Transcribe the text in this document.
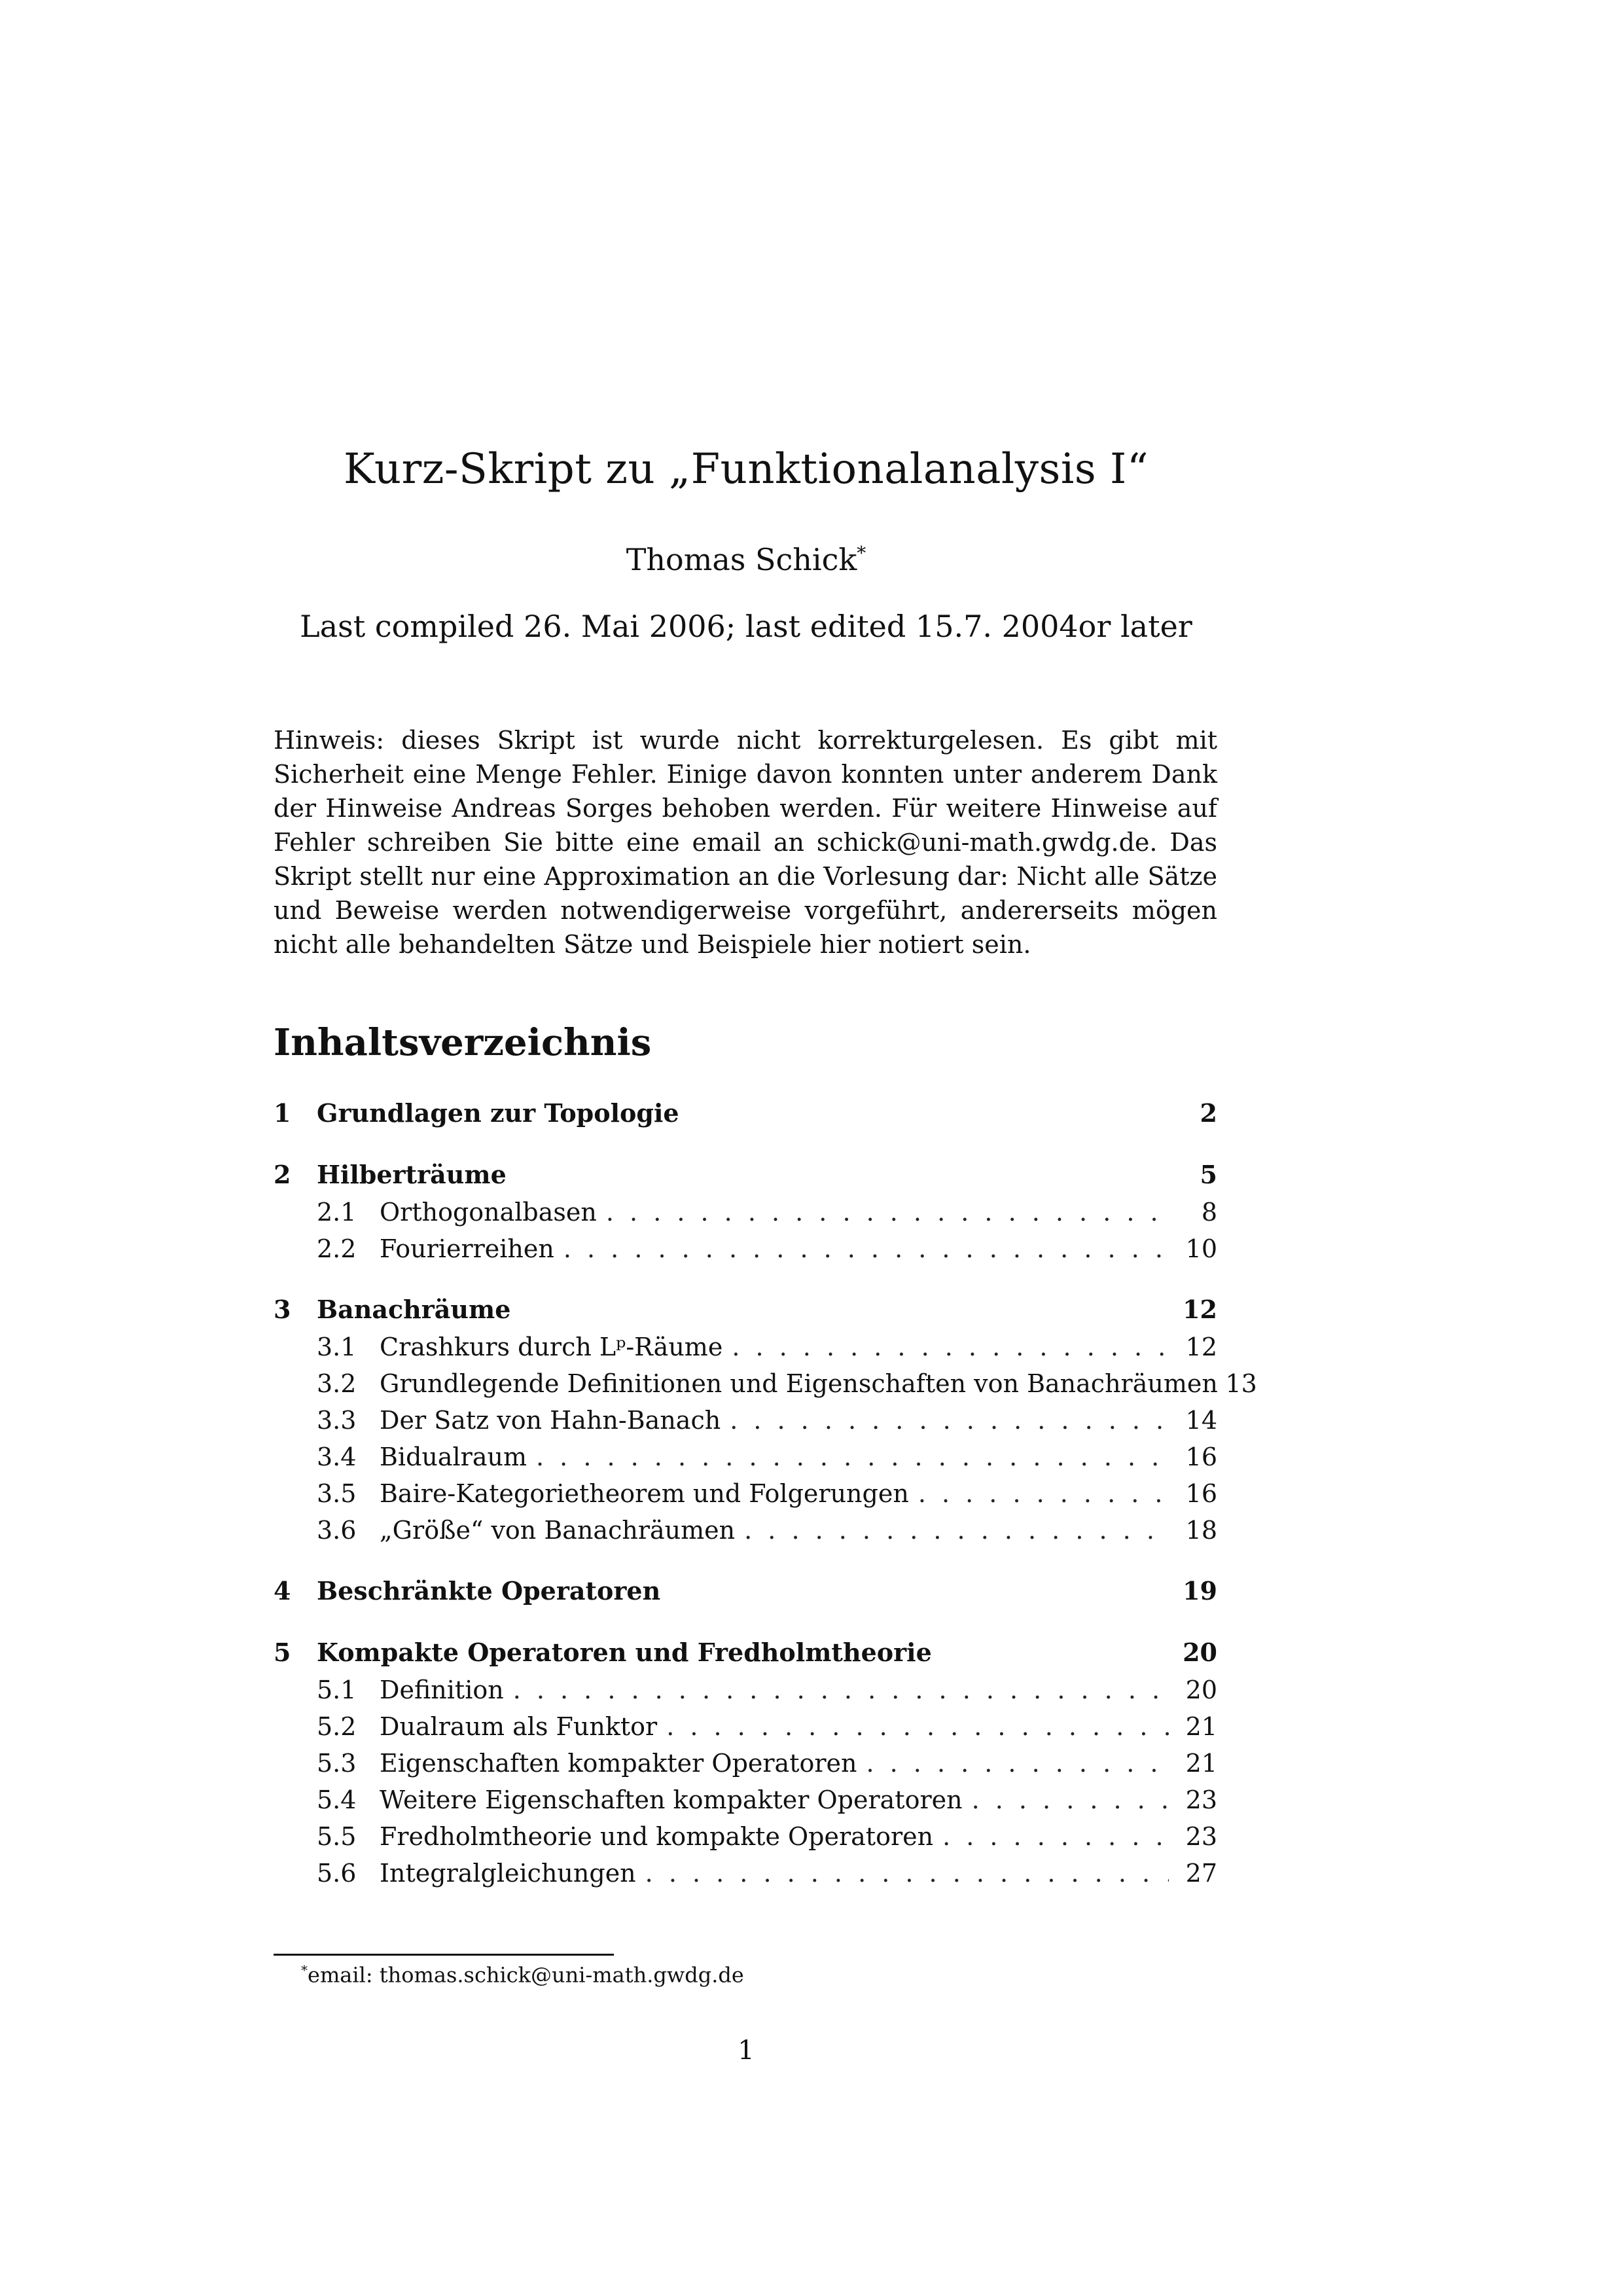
Kurz-Skript zu „Funktionalanalysis I“
Thomas Schick*
Last compiled 26. Mai 2006; last edited 15.7. 2004or later
Hinweis: dieses Skript ist wurde nicht korrekturgelesen. Es gibt mit Sicherheit eine Menge Fehler. Einige davon konnten unter anderem Dank der Hinweise Andreas Sorges behoben werden. Für weitere Hinweise auf Fehler schreiben Sie bitte eine email an schick@uni-math.gwdg.de. Das Skript stellt nur eine Approximation an die Vorlesung dar: Nicht alle Sätze und Beweise werden notwendigerweise vorgeführt, andererseits mögen nicht alle behandelten Sätze und Beispiele hier notiert sein.
Inhaltsverzeichnis
1	Grundlagen zur Topologie	2
2	Hilberträume	5
2.1 Orthogonalbasen . . .	8
2.2 Fourierreihen . . .	10
3	Banachräume	12
3.1 Crashkurs durch Lᵖ-Räume . . .	12
3.2 Grundlegende Definitionen und Eigenschaften von Banachräumen 13
3.3 Der Satz von Hahn-Banach . . .	14
3.4 Bidualraum . . .	16
3.5 Baire-Kategorietheorem und Folgerungen . . .	16
3.6 „Größe“ von Banachräumen . . .	18
4	Beschränkte Operatoren	19
5	Kompakte Operatoren und Fredholmtheorie	20
5.1 Definition . . .	20
5.2 Dualraum als Funktor . . .	21
5.3 Eigenschaften kompakter Operatoren . . .	21
5.4 Weitere Eigenschaften kompakter Operatoren . . .	23
5.5 Fredholmtheorie und kompakte Operatoren . . .	23
5.6 Integralgleichungen . . .	27
*email: thomas.schick@uni-math.gwdg.de
1
